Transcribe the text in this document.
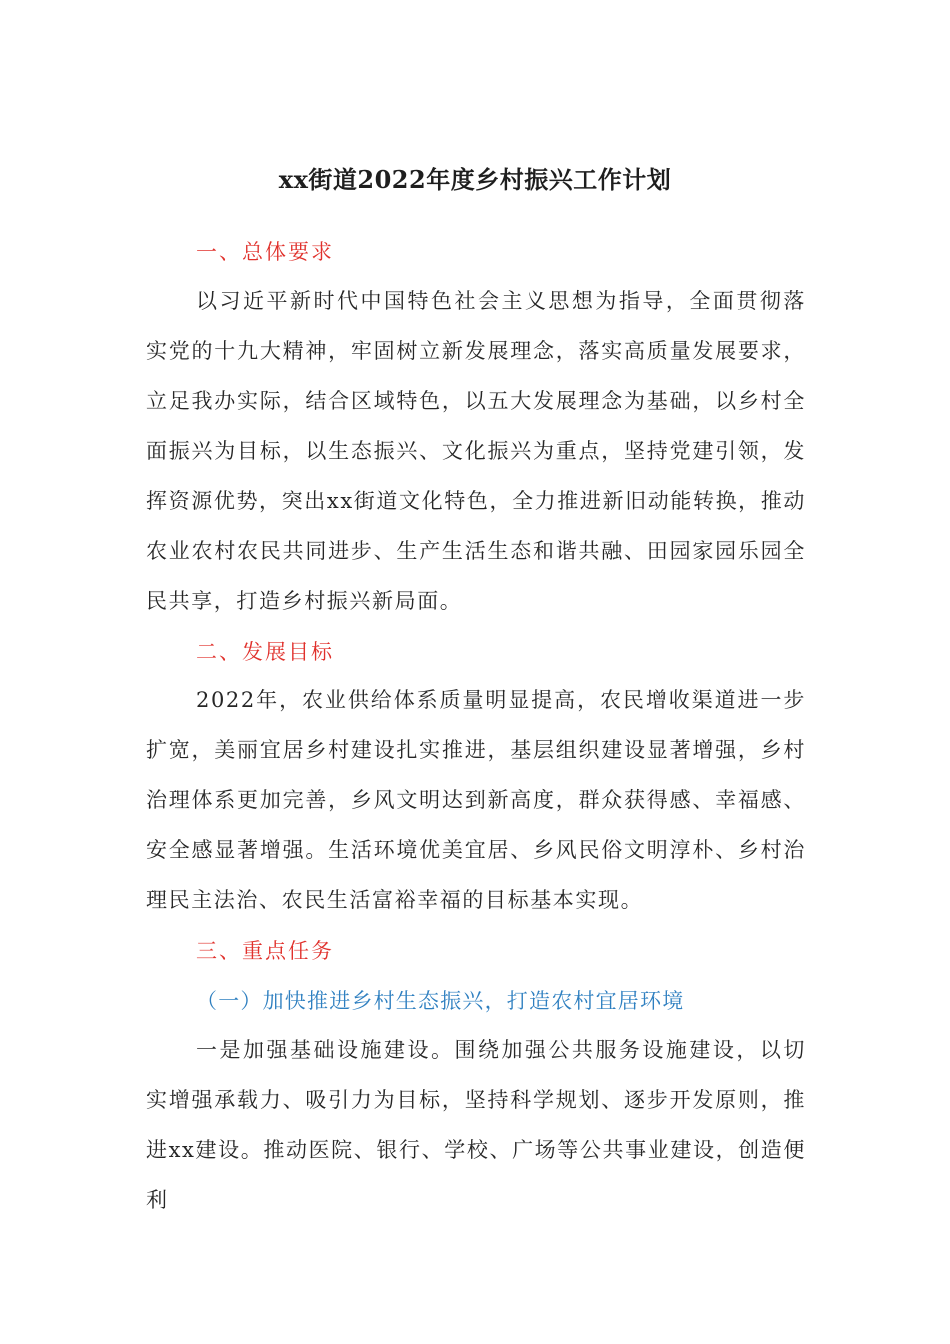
xx街道2022年度乡村振兴工作计划
一、总体要求
以习近平新时代中国特色社会主义思想为指导，全面贯彻落实党的十九大精神，牢固树立新发展理念，落实高质量发展要求，立足我办实际，结合区域特色，以五大发展理念为基础，以乡村全面振兴为目标，以生态振兴、文化振兴为重点，坚持党建引领，发挥资源优势，突出xx街道文化特色，全力推进新旧动能转换，推动农业农村农民共同进步、生产生活生态和谐共融、田园家园乐园全民共享，打造乡村振兴新局面。
二、发展目标
2022年，农业供给体系质量明显提高，农民增收渠道进一步扩宽，美丽宜居乡村建设扎实推进，基层组织建设显著增强，乡村治理体系更加完善，乡风文明达到新高度，群众获得感、幸福感、安全感显著增强。生活环境优美宜居、乡风民俗文明淳朴、乡村治理民主法治、农民生活富裕幸福的目标基本实现。
三、重点任务
（一）加快推进乡村生态振兴，打造农村宜居环境
一是加强基础设施建设。围绕加强公共服务设施建设，以切实增强承载力、吸引力为目标，坚持科学规划、逐步开发原则，推进xx建设。推动医院、银行、学校、广场等公共事业建设，创造便利
